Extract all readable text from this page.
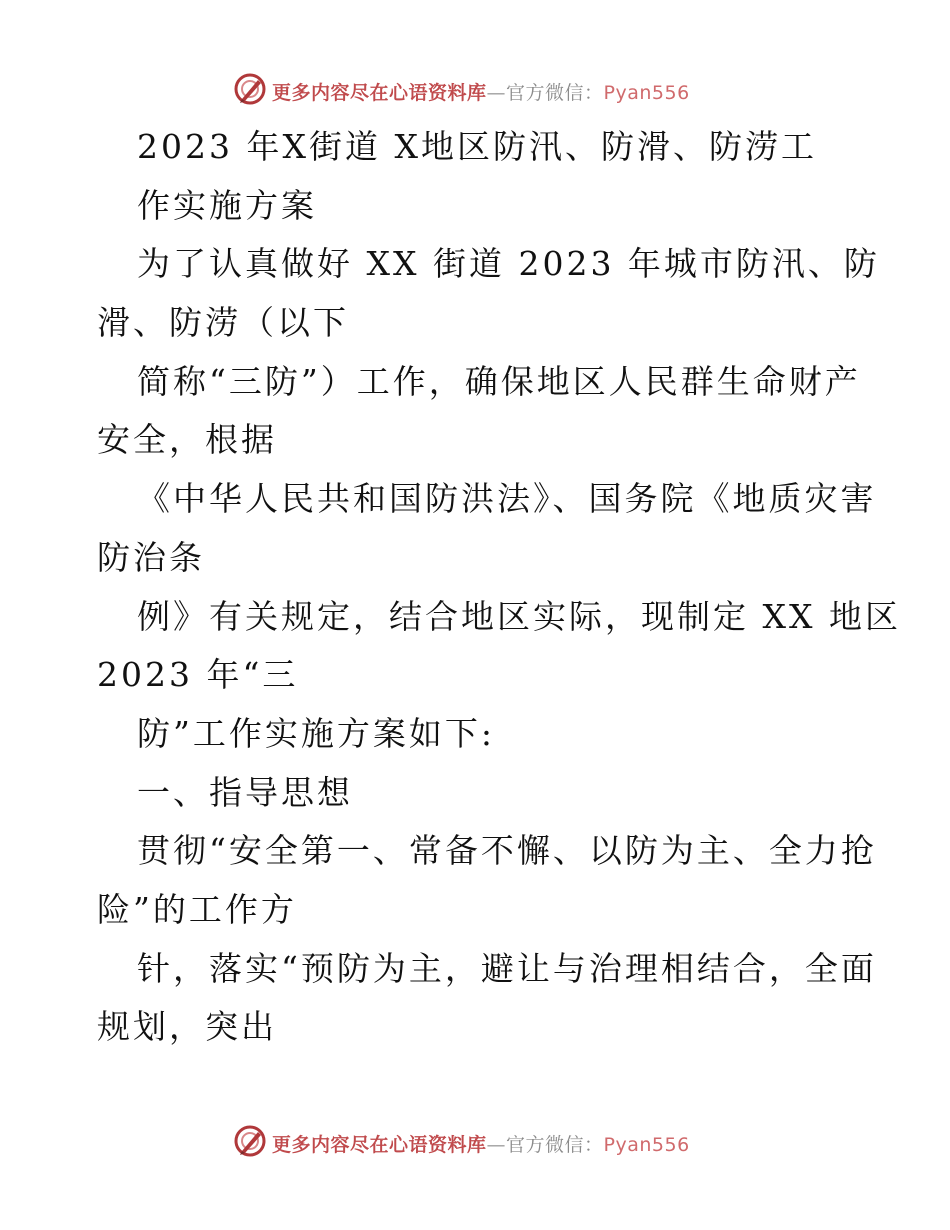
更多内容尽在心语资料库—官方微信：Pyan556
2023 年X街道 X地区防汛、防滑、防涝工
作实施方案
为了认真做好 XX 街道 2023 年城市防汛、防
滑、防涝（以下
简称“三防”）工作，确保地区人民群生命财产
安全，根据
《中华人民共和国防洪法》、国务院《地质灾害
防治条
例》有关规定，结合地区实际，现制定 XX 地区
2023 年“三
防”工作实施方案如下:
一、指导思想
贯彻“安全第一、常备不懈、以防为主、全力抢
险”的工作方
针，落实“预防为主，避让与治理相结合，全面
规划，突出
更多内容尽在心语资料库—官方微信：Pyan556
